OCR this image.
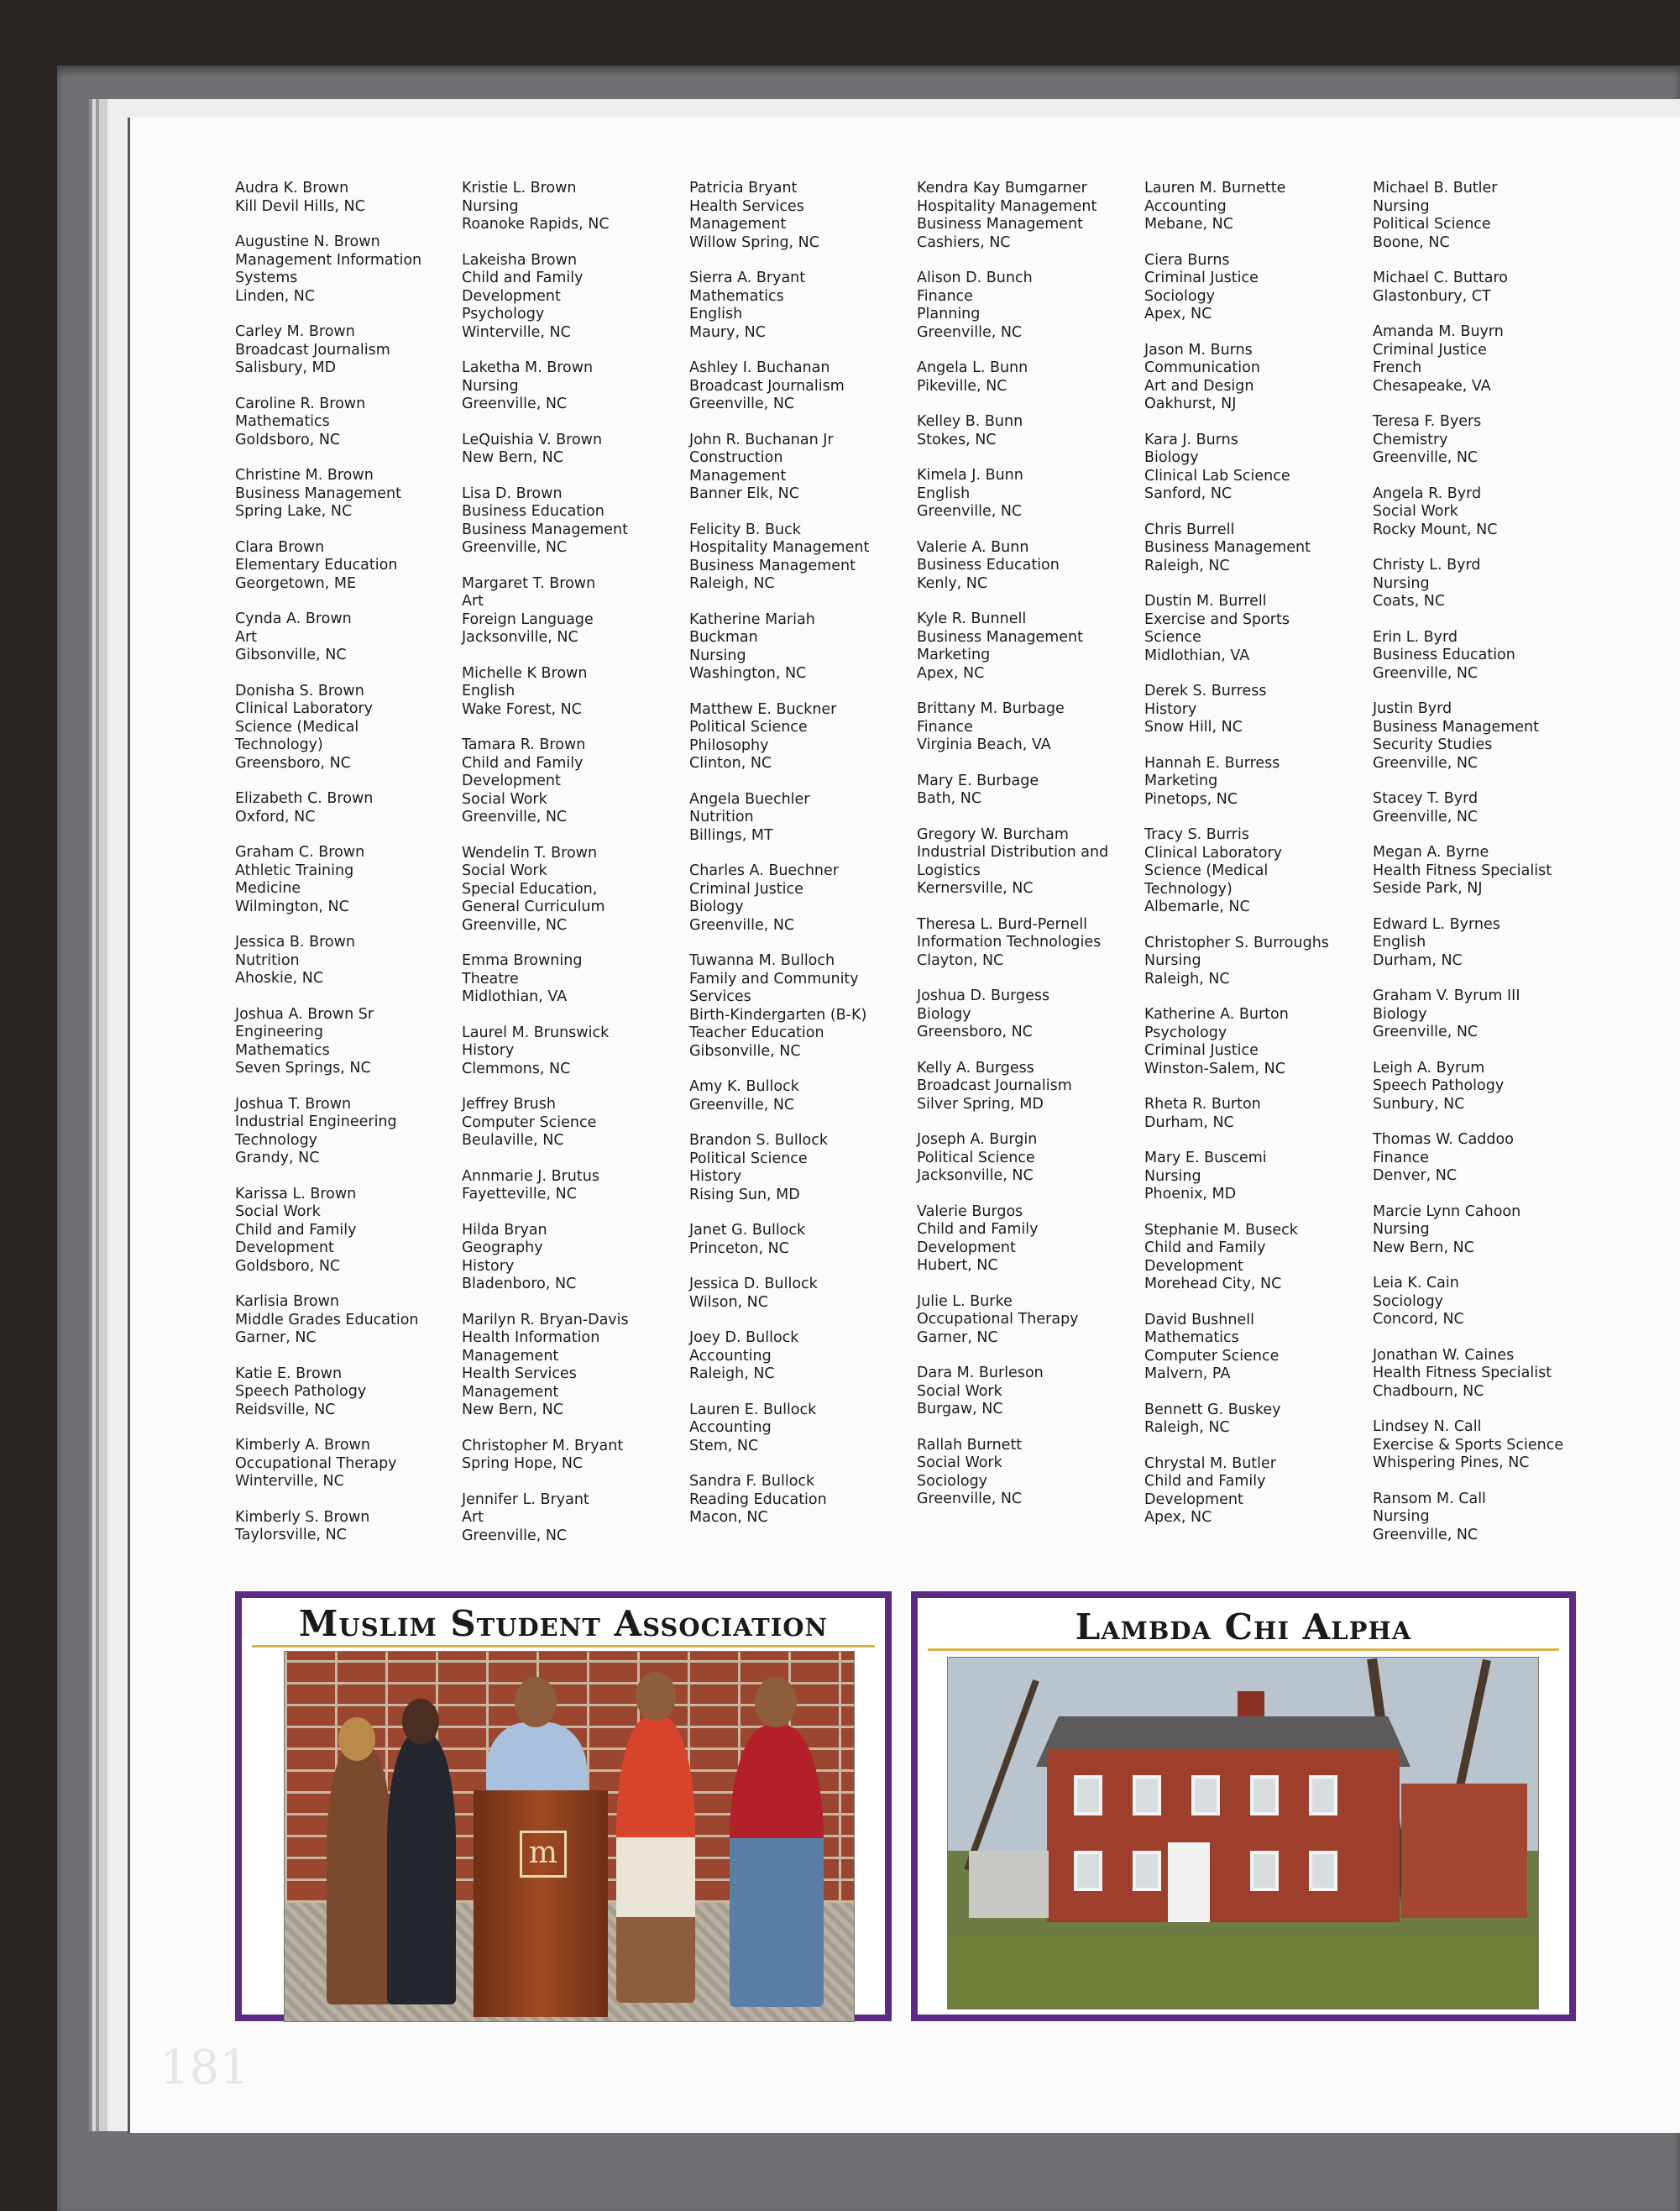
Audra K. Brown
Kill Devil Hills, NC
Augustine N. Brown
Management Information
Systems
Linden, NC
Carley M. Brown
Broadcast Journalism
Salisbury, MD
Caroline R. Brown
Mathematics
Goldsboro, NC
Christine M. Brown
Business Management
Spring Lake, NC
Clara Brown
Elementary Education
Georgetown, ME
Cynda A. Brown
Art
Gibsonville, NC
Donisha S. Brown
Clinical Laboratory
Science (Medical
Technology)
Greensboro, NC
Elizabeth C. Brown
Oxford, NC
Graham C. Brown
Athletic Training
Medicine
Wilmington, NC
Jessica B. Brown
Nutrition
Ahoskie, NC
Joshua A. Brown Sr
Engineering
Mathematics
Seven Springs, NC
Joshua T. Brown
Industrial Engineering
Technology
Grandy, NC
Karissa L. Brown
Social Work
Child and Family
Development
Goldsboro, NC
Karlisia Brown
Middle Grades Education
Garner, NC
Katie E. Brown
Speech Pathology
Reidsville, NC
Kimberly A. Brown
Occupational Therapy
Winterville, NC
Kimberly S. Brown
Taylorsville, NC
Kristie L. Brown
Nursing
Roanoke Rapids, NC
Lakeisha Brown
Child and Family
Development
Psychology
Winterville, NC
Laketha M. Brown
Nursing
Greenville, NC
LeQuishia V. Brown
New Bern, NC
Lisa D. Brown
Business Education
Business Management
Greenville, NC
Margaret T. Brown
Art
Foreign Language
Jacksonville, NC
Michelle K Brown
English
Wake Forest, NC
Tamara R. Brown
Child and Family
Development
Social Work
Greenville, NC
Wendelin T. Brown
Social Work
Special Education,
General Curriculum
Greenville, NC
Emma Browning
Theatre
Midlothian, VA
Laurel M. Brunswick
History
Clemmons, NC
Jeffrey Brush
Computer Science
Beulaville, NC
Annmarie J. Brutus
Fayetteville, NC
Hilda Bryan
Geography
History
Bladenboro, NC
Marilyn R. Bryan-Davis
Health Information
Management
Health Services
Management
New Bern, NC
Christopher M. Bryant
Spring Hope, NC
Jennifer L. Bryant
Art
Greenville, NC
Patricia Bryant
Health Services
Management
Willow Spring, NC
Sierra A. Bryant
Mathematics
English
Maury, NC
Ashley I. Buchanan
Broadcast Journalism
Greenville, NC
John R. Buchanan Jr
Construction
Management
Banner Elk, NC
Felicity B. Buck
Hospitality Management
Business Management
Raleigh, NC
Katherine Mariah
Buckman
Nursing
Washington, NC
Matthew E. Buckner
Political Science
Philosophy
Clinton, NC
Angela Buechler
Nutrition
Billings, MT
Charles A. Buechner
Criminal Justice
Biology
Greenville, NC
Tuwanna M. Bulloch
Family and Community
Services
Birth-Kindergarten (B-K)
Teacher Education
Gibsonville, NC
Amy K. Bullock
Greenville, NC
Brandon S. Bullock
Political Science
History
Rising Sun, MD
Janet G. Bullock
Princeton, NC
Jessica D. Bullock
Wilson, NC
Joey D. Bullock
Accounting
Raleigh, NC
Lauren E. Bullock
Accounting
Stem, NC
Sandra F. Bullock
Reading Education
Macon, NC
Kendra Kay Bumgarner
Hospitality Management
Business Management
Cashiers, NC
Alison D. Bunch
Finance
Planning
Greenville, NC
Angela L. Bunn
Pikeville, NC
Kelley B. Bunn
Stokes, NC
Kimela J. Bunn
English
Greenville, NC
Valerie A. Bunn
Business Education
Kenly, NC
Kyle R. Bunnell
Business Management
Marketing
Apex, NC
Brittany M. Burbage
Finance
Virginia Beach, VA
Mary E. Burbage
Bath, NC
Gregory W. Burcham
Industrial Distribution and
Logistics
Kernersville, NC
Theresa L. Burd-Pernell
Information Technologies
Clayton, NC
Joshua D. Burgess
Biology
Greensboro, NC
Kelly A. Burgess
Broadcast Journalism
Silver Spring, MD
Joseph A. Burgin
Political Science
Jacksonville, NC
Valerie Burgos
Child and Family
Development
Hubert, NC
Julie L. Burke
Occupational Therapy
Garner, NC
Dara M. Burleson
Social Work
Burgaw, NC
Rallah Burnett
Social Work
Sociology
Greenville, NC
Lauren M. Burnette
Accounting
Mebane, NC
Ciera Burns
Criminal Justice
Sociology
Apex, NC
Jason M. Burns
Communication
Art and Design
Oakhurst, NJ
Kara J. Burns
Biology
Clinical Lab Science
Sanford, NC
Chris Burrell
Business Management
Raleigh, NC
Dustin M. Burrell
Exercise and Sports
Science
Midlothian, VA
Derek S. Burress
History
Snow Hill, NC
Hannah E. Burress
Marketing
Pinetops, NC
Tracy S. Burris
Clinical Laboratory
Science (Medical
Technology)
Albemarle, NC
Christopher S. Burroughs
Nursing
Raleigh, NC
Katherine A. Burton
Psychology
Criminal Justice
Winston-Salem, NC
Rheta R. Burton
Durham, NC
Mary E. Buscemi
Nursing
Phoenix, MD
Stephanie M. Buseck
Child and Family
Development
Morehead City, NC
David Bushnell
Mathematics
Computer Science
Malvern, PA
Bennett G. Buskey
Raleigh, NC
Chrystal M. Butler
Child and Family
Development
Apex, NC
Michael B. Butler
Nursing
Political Science
Boone, NC
Michael C. Buttaro
Glastonbury, CT
Amanda M. Buyrn
Criminal Justice
French
Chesapeake, VA
Teresa F. Byers
Chemistry
Greenville, NC
Angela R. Byrd
Social Work
Rocky Mount, NC
Christy L. Byrd
Nursing
Coats, NC
Erin L. Byrd
Business Education
Greenville, NC
Justin Byrd
Business Management
Security Studies
Greenville, NC
Stacey T. Byrd
Greenville, NC
Megan A. Byrne
Health Fitness Specialist
Seside Park, NJ
Edward L. Byrnes
English
Durham, NC
Graham V. Byrum III
Biology
Greenville, NC
Leigh A. Byrum
Speech Pathology
Sunbury, NC
Thomas W. Caddoo
Finance
Denver, NC
Marcie Lynn Cahoon
Nursing
New Bern, NC
Leia K. Cain
Sociology
Concord, NC
Jonathan W. Caines
Health Fitness Specialist
Chadbourn, NC
Lindsey N. Call
Exercise & Sports Science
Whispering Pines, NC
Ransom M. Call
Nursing
Greenville, NC
Muslim Student Association
m
Lambda Chi Alpha
181
